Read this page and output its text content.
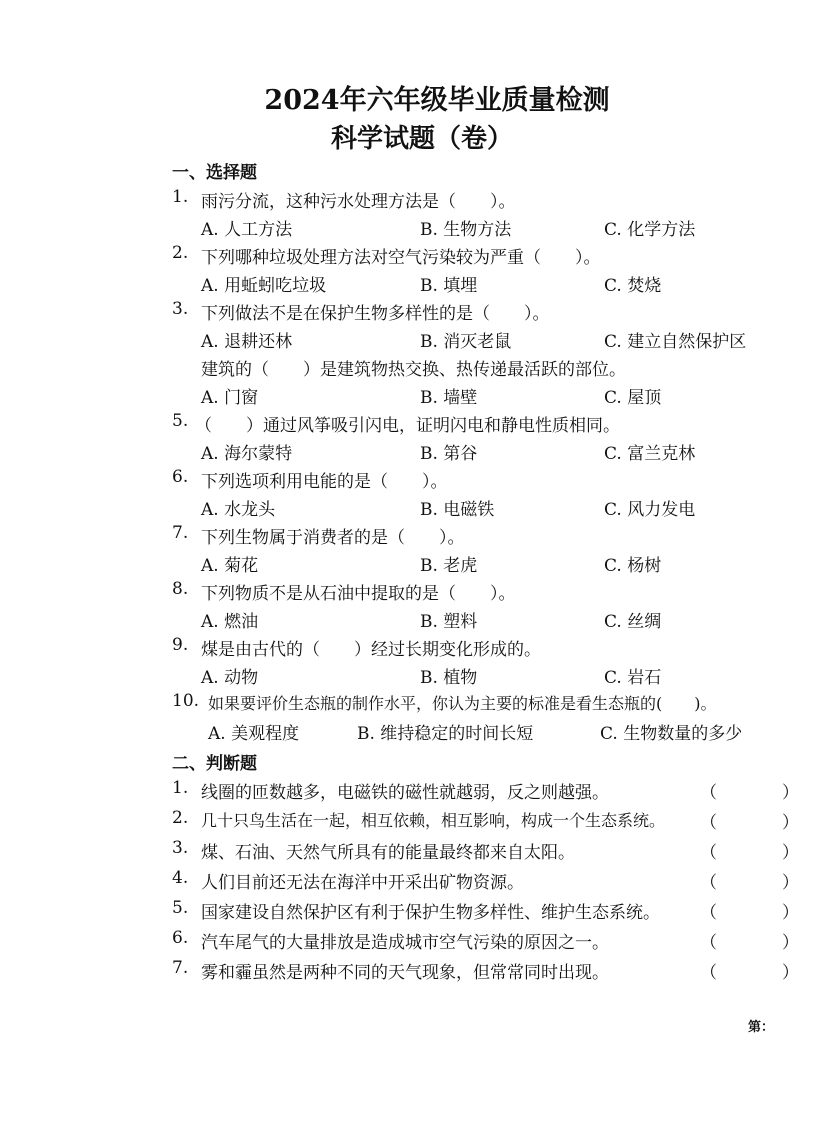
2024年六年级毕业质量检测
科学试题（卷）
一、选择题
1. 雨污分流，这种污水处理方法是（　　）。
A. 人工方法	B. 生物方法	C. 化学方法
2. 下列哪种垃圾处理方法对空气污染较为严重（　　）。
A. 用蚯蚓吃垃圾	B. 填埋	C. 焚烧
3. 下列做法不是在保护生物多样性的是（　　）。
A. 退耕还林	B. 消灭老鼠	C. 建立自然保护区
建筑的（　　）是建筑物热交换、热传递最活跃的部位。
A. 门窗	B. 墙壁	C. 屋顶
5. （　　）通过风筝吸引闪电，证明闪电和静电性质相同。
A. 海尔蒙特	B. 第谷	C. 富兰克林
6. 下列选项利用电能的是（　　）。
A. 水龙头	B. 电磁铁	C. 风力发电
7. 下列生物属于消费者的是（　　）。
A. 菊花	B. 老虎	C. 杨树
8. 下列物质不是从石油中提取的是（　　）。
A. 燃油	B. 塑料	C. 丝绸
9. 煤是由古代的（　　）经过长期变化形成的。
A. 动物	B. 植物	C. 岩石
10. 如果要评价生态瓶的制作水平，你认为主要的标准是看生态瓶的(　　)。
A. 美观程度	B. 维持稳定的时间长短	C. 生物数量的多少
二、判断题
1. 线圈的匝数越多，电磁铁的磁性就越弱，反之则越强。	（　）
2. 几十只鸟生活在一起，相互依赖，相互影响，构成一个生态系统。 （　）
3. 煤、石油、天然气所具有的能量最终都来自太阳。	（　）
4. 人们目前还无法在海洋中开采出矿物资源。	（　）
5. 国家建设自然保护区有利于保护生物多样性、维护生态系统。 （　）
6. 汽车尾气的大量排放是造成城市空气污染的原因之一。	（　）
7. 雾和霾虽然是两种不同的天气现象，但常常同时出现。	（　）
第：
